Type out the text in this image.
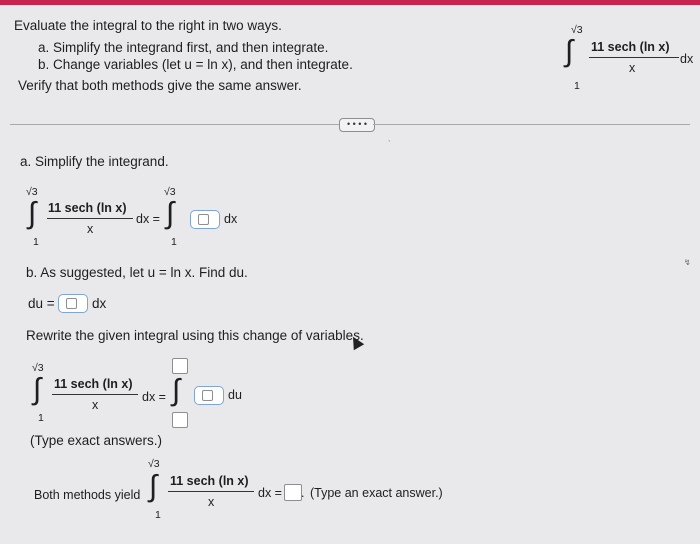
Evaluate the integral to the right in two ways.
a. Simplify the integrand first, and then integrate.
b. Change variables (let u = ln x), and then integrate.
Verify that both methods give the same answer.
√3
∫
1
11 sech (ln x)
x
dx
• • • •
,
↯
a. Simplify the integrand.
√3
∫
1
11 sech (ln x)
x
dx =
√3
∫
1
dx
b. As suggested, let u = ln x. Find du.
du =	dx
Rewrite the given integral using this change of variables.
√3
∫
1
11 sech (ln x)
x
dx = ∫	du
(Type exact answers.)
Both methods yield
√3
∫
1
11 sech (ln x)
x
dx = . (Type an exact answer.)
